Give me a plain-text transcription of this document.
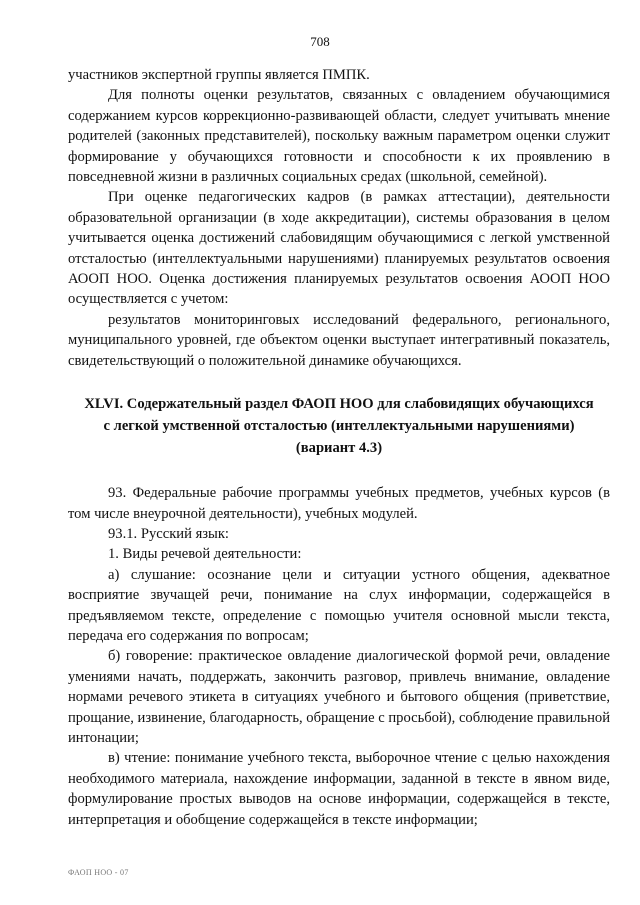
708

участников экспертной группы является ПМПК.

Для полноты оценки результатов, связанных с овладением обучающимися содержанием курсов коррекционно-развивающей области, следует учитывать мнение родителей (законных представителей), поскольку важным параметром оценки служит формирование у обучающихся готовности и способности к их проявлению в повседневной жизни в различных социальных средах (школьной, семейной).

При оценке педагогических кадров (в рамках аттестации), деятельности образовательной организации (в ходе аккредитации), системы образования в целом учитывается оценка достижений слабовидящим обучающимися с легкой умственной отсталостью (интеллектуальными нарушениями) планируемых результатов освоения АООП НОО. Оценка достижения планируемых результатов освоения АООП НОО осуществляется с учетом:

результатов мониторинговых исследований федерального, регионального, муниципального уровней, где объектом оценки выступает интегративный показатель, свидетельствующий о положительной динамике обучающихся.

XLVI. Содержательный раздел ФАОП НОО для слабовидящих обучающихся
с легкой умственной отсталостью (интеллектуальными нарушениями)
(вариант 4.3)

93. Федеральные рабочие программы учебных предметов, учебных курсов (в том числе внеурочной деятельности), учебных модулей.

93.1. Русский язык:

1. Виды речевой деятельности:

а) слушание: осознание цели и ситуации устного общения, адекватное восприятие звучащей речи, понимание на слух информации, содержащейся в предъявляемом тексте, определение с помощью учителя основной мысли текста, передача его содержания по вопросам;

б) говорение: практическое овладение диалогической формой речи, овладение умениями начать, поддержать, закончить разговор, привлечь внимание, овладение нормами речевого этикета в ситуациях учебного и бытового общения (приветствие, прощание, извинение, благодарность, обращение с просьбой), соблюдение правильной интонации;

в) чтение: понимание учебного текста, выборочное чтение с целью нахождения необходимого материала, нахождение информации, заданной в тексте в явном виде, формулирование простых выводов на основе информации, содержащейся в тексте, интерпретация и обобщение содержащейся в тексте информации;

ФАОП НОО - 07
